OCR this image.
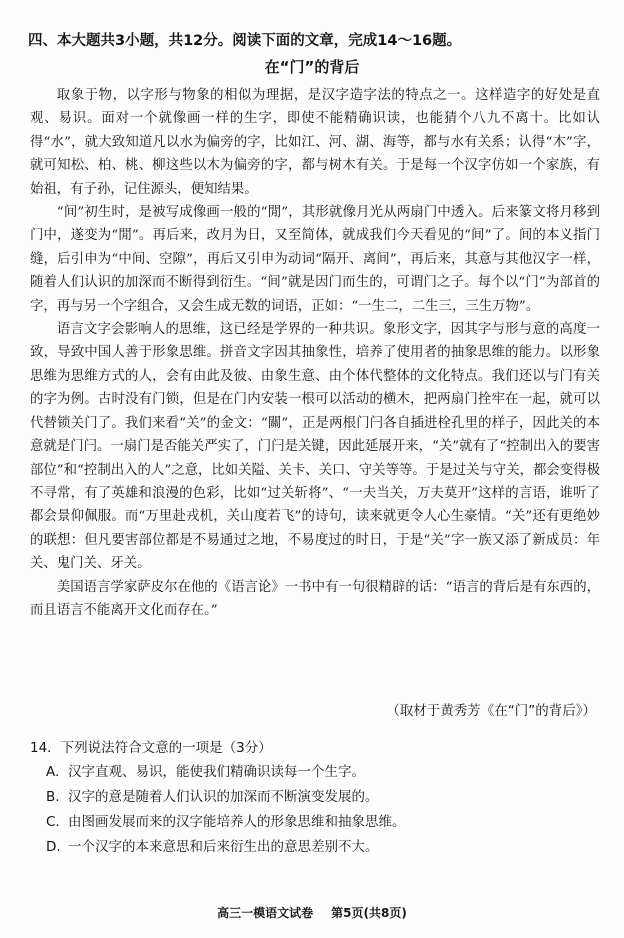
四、本大题共3小题，共12分。阅读下面的文章，完成14～16题。
在“门”的背后

取象于物，以字形与物象的相似为理据，是汉字造字法的特点之一。这样造字的好处是直观、易识。面对一个就像画一样的生字，即使不能精确识读，也能猜个八九不离十。比如认得“水”，就大致知道凡以水为偏旁的字，比如江、河、湖、海等，都与水有关系；认得“木”字，就可知松、柏、桃、柳这些以木为偏旁的字，都与树木有关。于是每一个汉字仿如一个家族，有始祖，有子孙，记住源头，便知结果。

“间”初生时，是被写成像画一般的“閒”，其形就像月光从两扇门中透入。后来篆文将月移到门中，遂变为“閒”。再后来，改月为日，又至简体，就成我们今天看见的“间”了。间的本义指门缝，后引申为“中间、空隙”，再后又引申为动词“隔开、离间”，再后来，其意与其他汉字一样，随着人们认识的加深而不断得到衍生。“间”就是因门而生的，可谓门之子。每个以“门”为部首的字，再与另一个字组合，又会生成无数的词语，正如：“一生二，二生三，三生万物”。

语言文字会影响人的思维，这已经是学界的一种共识。象形文字，因其字与形与意的高度一致，导致中国人善于形象思维。拼音文字因其抽象性，培养了使用者的抽象思维的能力。以形象思维为思维方式的人，会有由此及彼、由象生意、由个体代整体的文化特点。我们还以与门有关的字为例。古时没有门锁，但是在门内安装一根可以活动的横木，把两扇门拴牢在一起，就可以代替锁关门了。我们来看“关”的金文：“關”，正是两根门闩各自插进栓孔里的样子，因此关的本意就是门闩。一扇门是否能关严实了，门闩是关键，因此延展开来，“关”就有了“控制出入的要害部位”和“控制出入的人”之意，比如关隘、关卡、关口、守关等等。于是过关与守关，都会变得极不寻常，有了英雄和浪漫的色彩，比如“过关斩将”、“一夫当关，万夫莫开”这样的言语，谁听了都会景仰佩服。而“万里赴戎机，关山度若飞”的诗句，读来就更令人心生豪情。“关”还有更绝妙的联想：但凡要害部位都是不易通过之地，不易度过的时日，于是“关”字一族又添了新成员：年关、鬼门关、牙关。

美国语言学家萨皮尔在他的《语言论》一书中有一句很精辟的话：“语言的背后是有东西的，而且语言不能离开文化而存在。”

（取材于黄秀芳《在“门”的背后》）
14．下列说法符合文意的一项是（3分）
A. 汉字直观、易识，能使我们精确识读每一个生字。
B. 汉字的意是随着人们认识的加深而不断演变发展的。
C. 由图画发展而来的汉字能培养人的形象思维和抽象思维。
D. 一个汉字的本来意思和后来衍生出的意思差别不大。
高三一模语文试卷 第5页(共8页)
